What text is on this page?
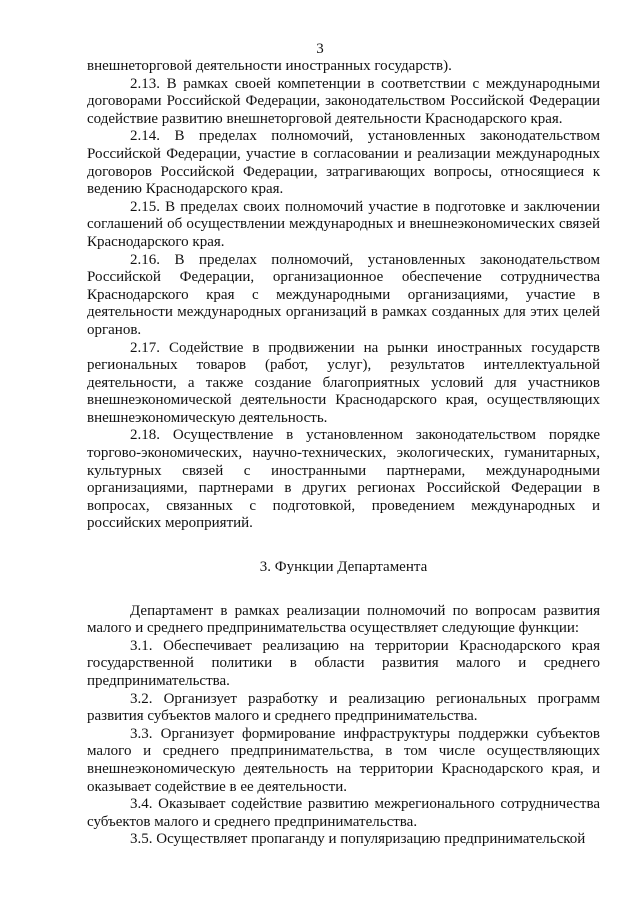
3

внешнеторговой деятельности иностранных государств).

2.13. В рамках своей компетенции в соответствии с международными договорами Российской Федерации, законодательством Российской Федерации содействие развитию внешнеторговой деятельности Краснодарского края.

2.14. В пределах полномочий, установленных законодательством Российской Федерации, участие в согласовании и реализации международных договоров Российской Федерации, затрагивающих вопросы, относящиеся к ведению Краснодарского края.

2.15. В пределах своих полномочий участие в подготовке и заключении соглашений об осуществлении международных и внешнеэкономических связей Краснодарского края.

2.16. В пределах полномочий, установленных законодательством Российской Федерации, организационное обеспечение сотрудничества Краснодарского края с международными организациями, участие в деятельности международных организаций в рамках созданных для этих целей органов.

2.17. Содействие в продвижении на рынки иностранных государств региональных товаров (работ, услуг), результатов интеллектуальной деятельности, а также создание благоприятных условий для участников внешнеэкономической деятельности Краснодарского края, осуществляющих внешнеэкономическую деятельность.

2.18. Осуществление в установленном законодательством порядке торгово-экономических, научно-технических, экологических, гуманитарных, культурных связей с иностранными партнерами, международными организациями, партнерами в других регионах Российской Федерации в вопросах, связанных с подготовкой, проведением международных и российских мероприятий.

3. Функции Департамента

Департамент в рамках реализации полномочий по вопросам развития малого и среднего предпринимательства осуществляет следующие функции:

3.1. Обеспечивает реализацию на территории Краснодарского края государственной политики в области развития малого и среднего предпринимательства.

3.2. Организует разработку и реализацию региональных программ развития субъектов малого и среднего предпринимательства.

3.3. Организует формирование инфраструктуры поддержки субъектов малого и среднего предпринимательства, в том числе осуществляющих внешнеэкономическую деятельность на территории Краснодарского края, и оказывает содействие в ее деятельности.

3.4. Оказывает содействие развитию межрегионального сотрудничества субъектов малого и среднего предпринимательства.

3.5. Осуществляет пропаганду и популяризацию предпринимательской
